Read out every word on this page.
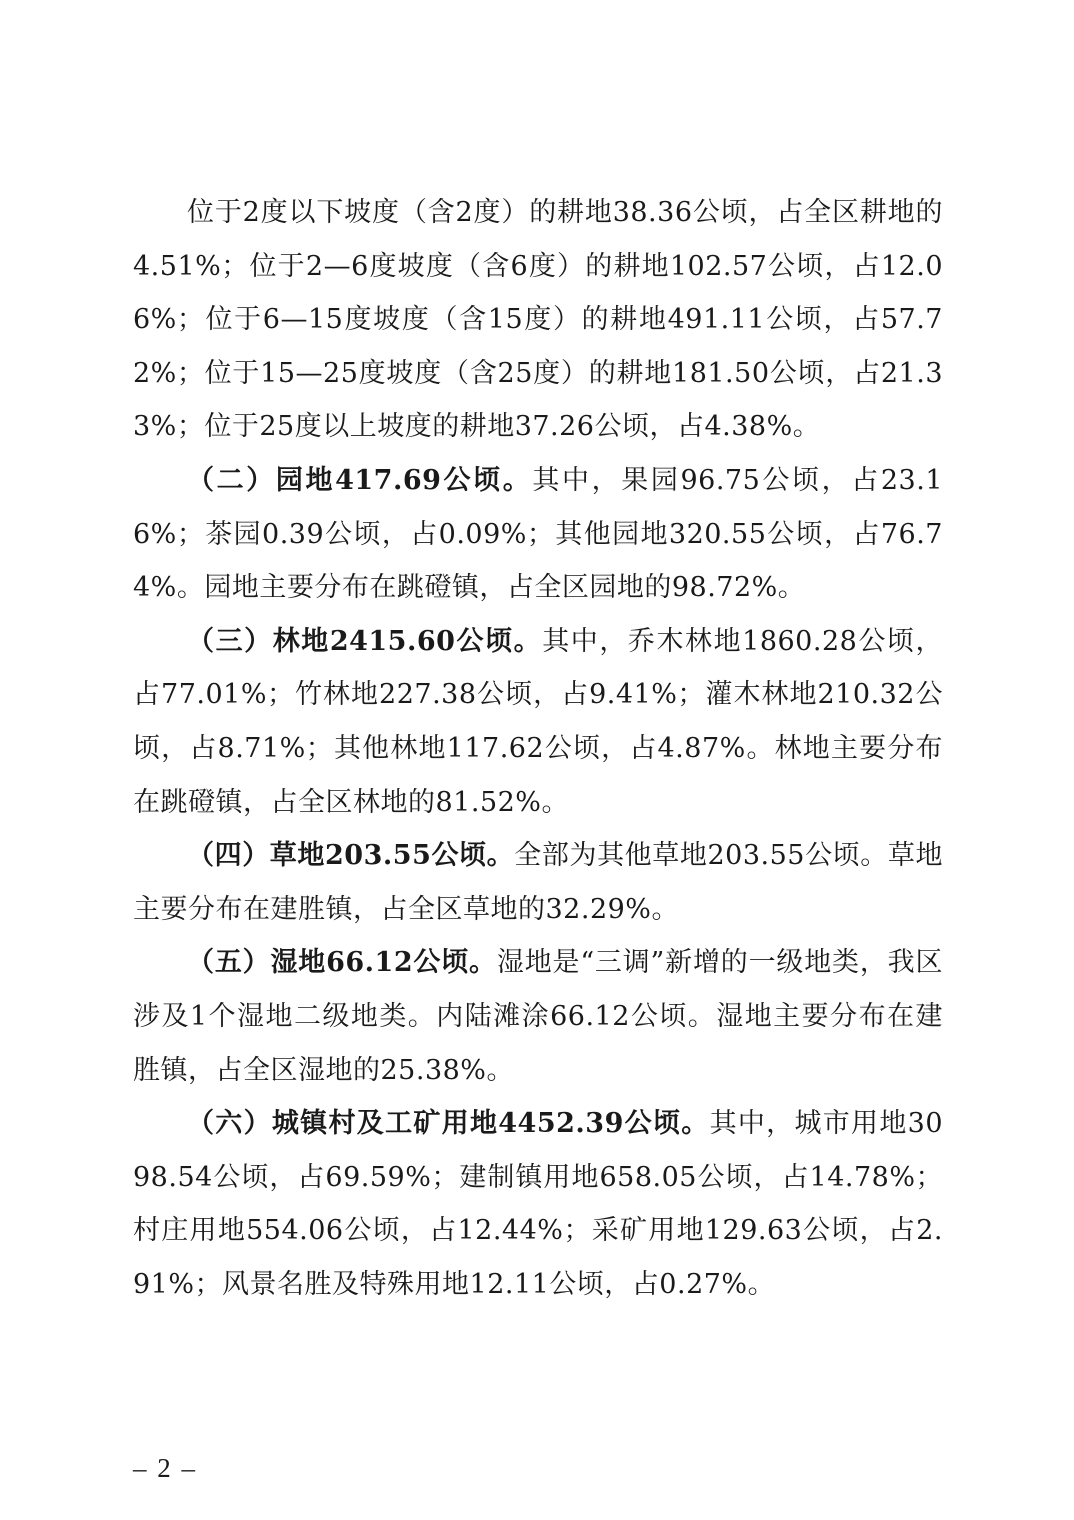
位于2度以下坡度（含2度）的耕地38.36公顷，占全区耕地的4.51%；位于2—6度坡度（含6度）的耕地102.57公顷，占12.06%；位于6—15度坡度（含15度）的耕地491.11公顷，占57.72%；位于15—25度坡度（含25度）的耕地181.50公顷，占21.33%；位于25度以上坡度的耕地37.26公顷，占4.38%。

（二）园地417.69公顷。其中，果园96.75公顷，占23.16%；茶园0.39公顷，占0.09%；其他园地320.55公顷，占76.74%。园地主要分布在跳磴镇，占全区园地的98.72%。

（三）林地2415.60公顷。其中，乔木林地1860.28公顷，占77.01%；竹林地227.38公顷，占9.41%；灌木林地210.32公顷，占8.71%；其他林地117.62公顷，占4.87%。林地主要分布在跳磴镇，占全区林地的81.52%。

（四）草地203.55公顷。全部为其他草地203.55公顷。草地主要分布在建胜镇，占全区草地的32.29%。

（五）湿地66.12公顷。湿地是“三调”新增的一级地类，我区涉及1个湿地二级地类。内陆滩涂66.12公顷。湿地主要分布在建胜镇，占全区湿地的25.38%。

（六）城镇村及工矿用地4452.39公顷。其中，城市用地3098.54公顷，占69.59%；建制镇用地658.05公顷，占14.78%；村庄用地554.06公顷，占12.44%；采矿用地129.63公顷，占2.91%；风景名胜及特殊用地12.11公顷，占0.27%。

– 2 –
